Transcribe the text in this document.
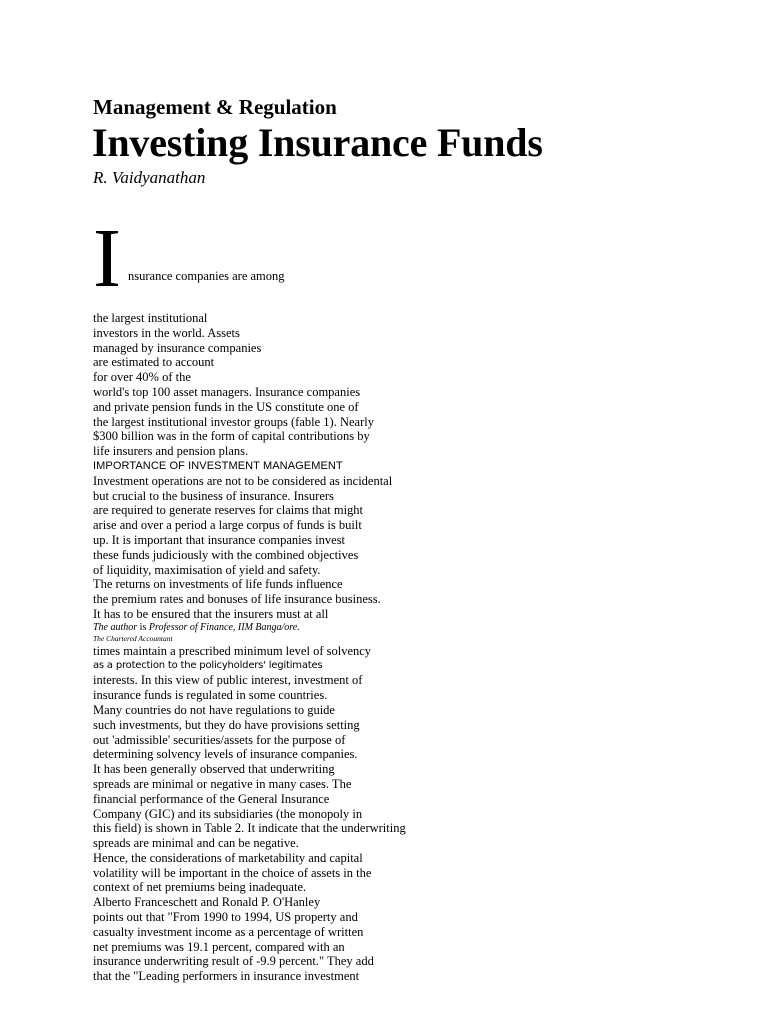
Management & Regulation
Investing Insurance Funds
R. Vaidyanathan
I nsurance companies are among
the largest institutional
investors in the world. Assets
managed by insurance companies
are estimated to account
for over 40% of the
world's top 100 asset managers. Insurance companies
and private pension funds in the US constitute one of
the largest institutional investor groups (fable 1). Nearly
$300 billion was in the form of capital contributions by
life insurers and pension plans.
IMPORTANCE OF INVESTMENT MANAGEMENT
Investment operations are not to be considered as incidental
but crucial to the business of insurance. Insurers
are required to generate reserves for claims that might
arise and over a period a large corpus of funds is built
up. It is important that insurance companies invest
these funds judiciously with the combined objectives
of liquidity, maximisation of yield and safety.
The returns on investments of life funds influence
the premium rates and bonuses of life insurance business.
It has to be ensured that the insurers must at all
The author is Professor of Finance, IIM Banga/ore.
The Chartered Accountant
times maintain a prescribed minimum level of solvency
as a protection to the policyholders' legitimates
interests. In this view of public interest, investment of
insurance funds is regulated in some countries.
Many countries do not have regulations to guide
such investments, but they do have provisions setting
out 'admissible' securities/assets for the purpose of
determining solvency levels of insurance companies.
It has been generally observed that underwriting
spreads are minimal or negative in many cases. The
financial performance of the General Insurance
Company (GIC) and its subsidiaries (the monopoly in
this field) is shown in Table 2. It indicate that the underwriting
spreads are minimal and can be negative.
Hence, the considerations of marketability and capital
volatility will be important in the choice of assets in the
context of net premiums being inadequate.
Alberto Franceschett and Ronald P. O'Hanley
points out that "From 1990 to 1994, US property and
casualty investment income as a percentage of written
net premiums was 19.1 percent, compared with an
insurance underwriting result of -9.9 percent." They add
that the "Leading performers in insurance investment
